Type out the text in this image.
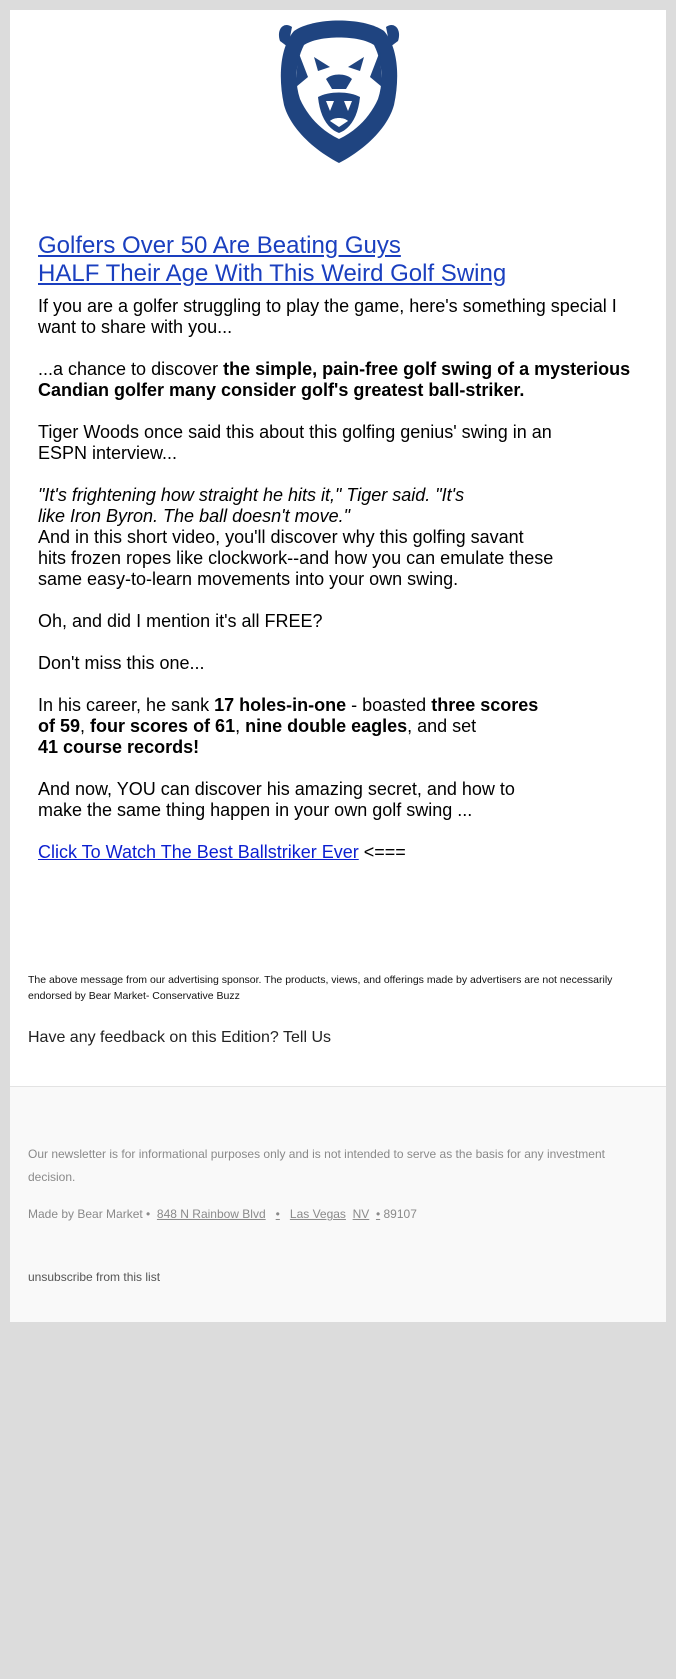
Golfers Over 50 Are Beating Guys
HALF Their Age With This Weird Golf Swing

If you are a golfer struggling to play the game, here's something special I want to share with you...

...a chance to discover the simple, pain-free golf swing of a mysterious Candian golfer many consider golf's greatest ball-striker.

Tiger Woods once said this about this golfing genius' swing in an
ESPN interview...

"It's frightening how straight he hits it," Tiger said. "It's
like Iron Byron. The ball doesn't move."

And in this short video, you'll discover why this golfing savant
hits frozen ropes like clockwork--and how you can emulate these
same easy-to-learn movements into your own swing.

Oh, and did I mention it's all FREE?

Don't miss this one...

In his career, he sank 17 holes-in-one - boasted three scores
of 59, four scores of 61, nine double eagles, and set
41 course records!

And now, YOU can discover his amazing secret, and how to
make the same thing happen in your own golf swing ...

Click To Watch The Best Ballstriker Ever <===

The above message from our advertising sponsor. The products, views, and offerings made by advertisers are not necessarily endorsed by Bear Market- Conservative Buzz

Have any feedback on this Edition? Tell Us

Our newsletter is for informational purposes only and is not intended to serve as the basis for any investment decision.

Made by Bear Market • 848 N Rainbow Blvd • Las Vegas NV • 89107

unsubscribe from this list
